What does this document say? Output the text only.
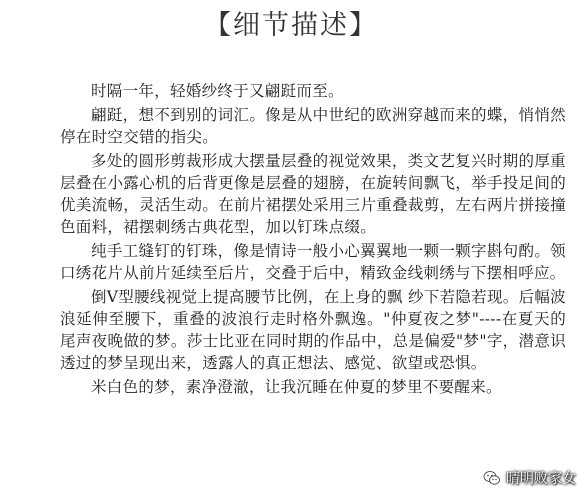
【细节描述】

时隔一年，轻婚纱终于又翩跹而至。

翩跹，想不到别的词汇。像是从中世纪的欧洲穿越而来的蝶，悄悄然停在时空交错的指尖。

多处的圆形剪裁形成大摆量层叠的视觉效果，类文艺复兴时期的厚重层叠在小露心机的后背更像是层叠的翅膀，在旋转间飘飞，举手投足间的优美流畅，灵活生动。在前片裙摆处采用三片重叠裁剪，左右两片拼接撞色面料，裙摆刺绣古典花型，加以钉珠点缀。

纯手工缝钉的钉珠，像是情诗一般小心翼翼地一颗一颗字斟句酌。领口绣花片从前片延续至后片，交叠于后中，精致金线刺绣与下摆相呼应。

倒V型腰线视觉上提高腰节比例，在上身的飘 纱下若隐若现。后幅波浪延伸至腰下，重叠的波浪行走时格外飘逸。"仲夏夜之梦"----在夏天的尾声夜晚做的梦。莎士比亚在同时期的作品中，总是偏爱"梦"字，潜意识透过的梦呈现出来，透露人的真正想法、感觉、欲望或恐惧。

米白色的梦，素净澄澈，让我沉睡在仲夏的梦里不要醒来。

晴明败家女
